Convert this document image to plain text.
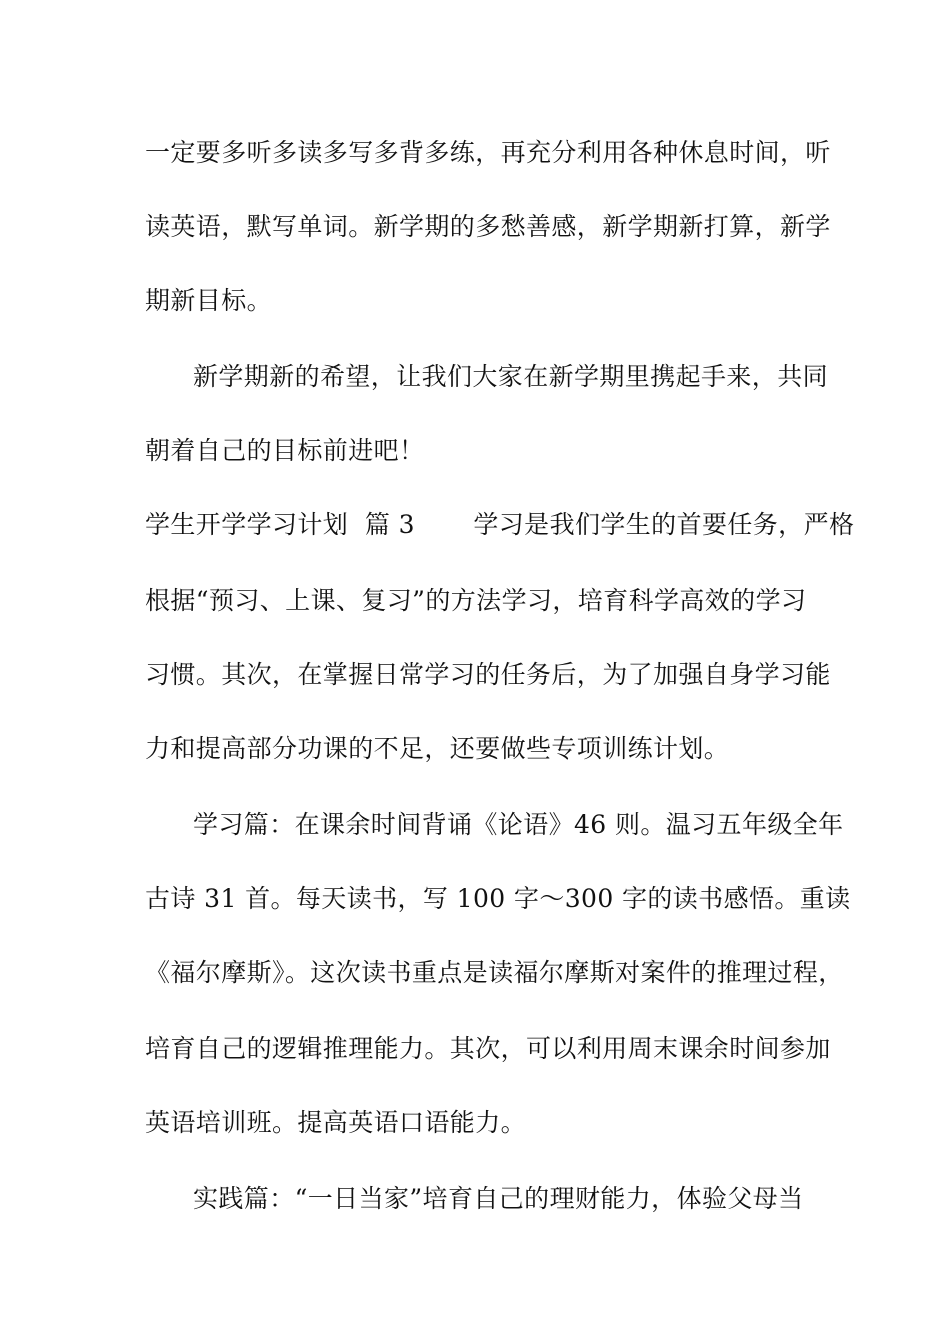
一定要多听多读多写多背多练，再充分利用各种休息时间，听
读英语，默写单词。新学期的多愁善感，新学期新打算，新学
期新目标。
新学期新的希望，让我们大家在新学期里携起手来，共同
朝着自己的目标前进吧！
学生开学学习计划  篇 3       学习是我们学生的首要任务，严格
根据“预习、上课、复习”的方法学习，培育科学高效的学习
习惯。其次，在掌握日常学习的任务后，为了加强自身学习能
力和提高部分功课的不足，还要做些专项训练计划。
学习篇：在课余时间背诵《论语》46 则。温习五年级全年
古诗 31 首。每天读书，写 100 字～300 字的读书感悟。重读
《福尔摩斯》。这次读书重点是读福尔摩斯对案件的推理过程，
培育自己的逻辑推理能力。其次，可以利用周末课余时间参加
英语培训班。提高英语口语能力。
实践篇：“一日当家”培育自己的理财能力，体验父母当
